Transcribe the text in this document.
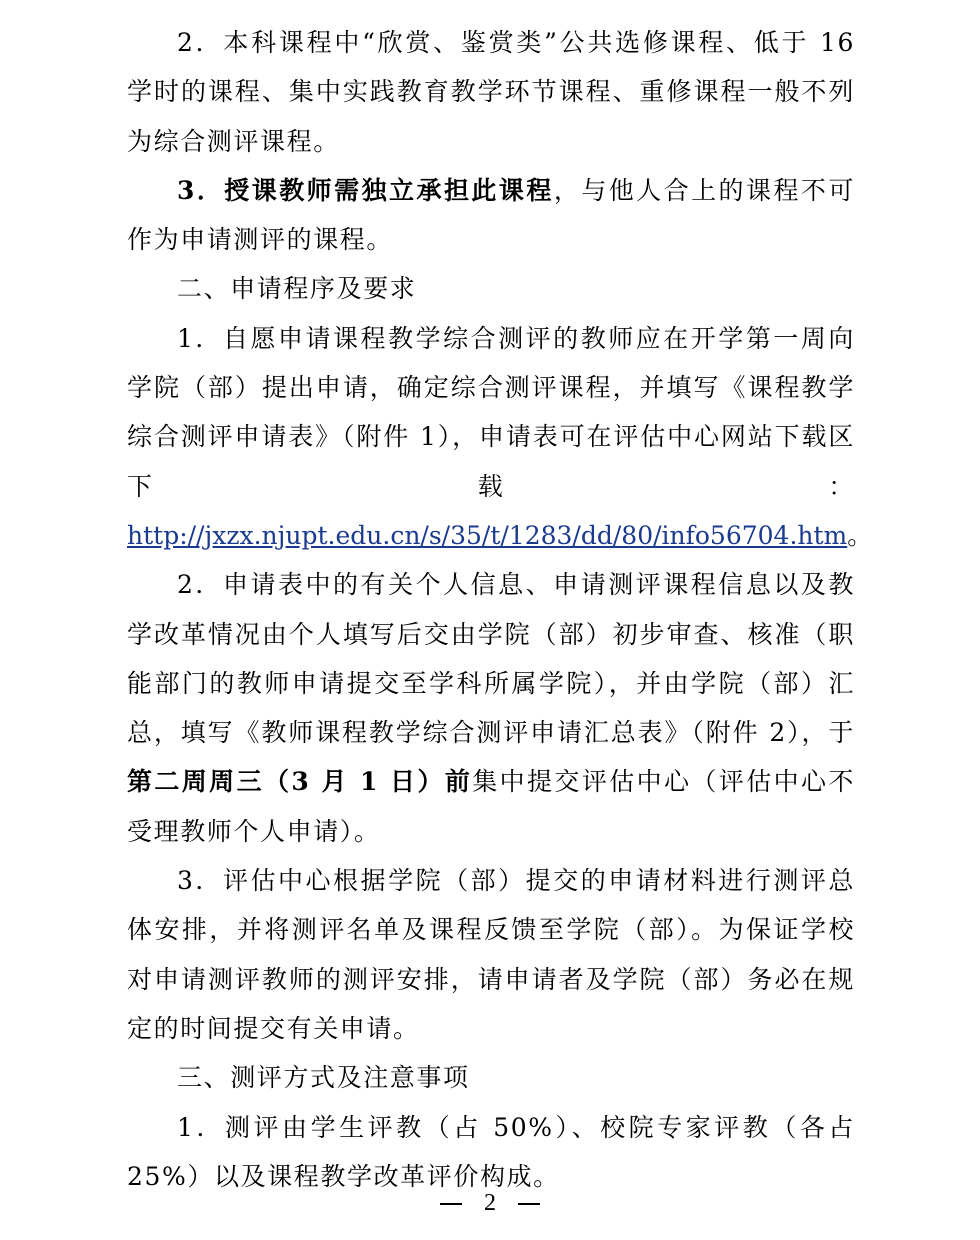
2．本科课程中“欣赏、鉴赏类”公共选修课程、低于 16 学时的课程、集中实践教育教学环节课程、重修课程一般不列为综合测评课程。

3．授课教师需独立承担此课程，与他人合上的课程不可作为申请测评的课程。

二、申请程序及要求

1．自愿申请课程教学综合测评的教师应在开学第一周向学院（部）提出申请，确定综合测评课程，并填写《课程教学综合测评申请表》（附件 1），申请表可在评估中心网站下载区下载：http://jxzx.njupt.edu.cn/s/35/t/1283/dd/80/info56704.htm。

2．申请表中的有关个人信息、申请测评课程信息以及教学改革情况由个人填写后交由学院（部）初步审查、核准（职能部门的教师申请提交至学科所属学院），并由学院（部）汇总，填写《教师课程教学综合测评申请汇总表》（附件 2），于第二周周三（3 月 1 日）前集中提交评估中心（评估中心不受理教师个人申请）。

3．评估中心根据学院（部）提交的申请材料进行测评总体安排，并将测评名单及课程反馈至学院（部）。为保证学校对申请测评教师的测评安排，请申请者及学院（部）务必在规定的时间提交有关申请。

三、测评方式及注意事项

1．测评由学生评教（占 50%）、校院专家评教（各占 25%）以及课程教学改革评价构成。

2
